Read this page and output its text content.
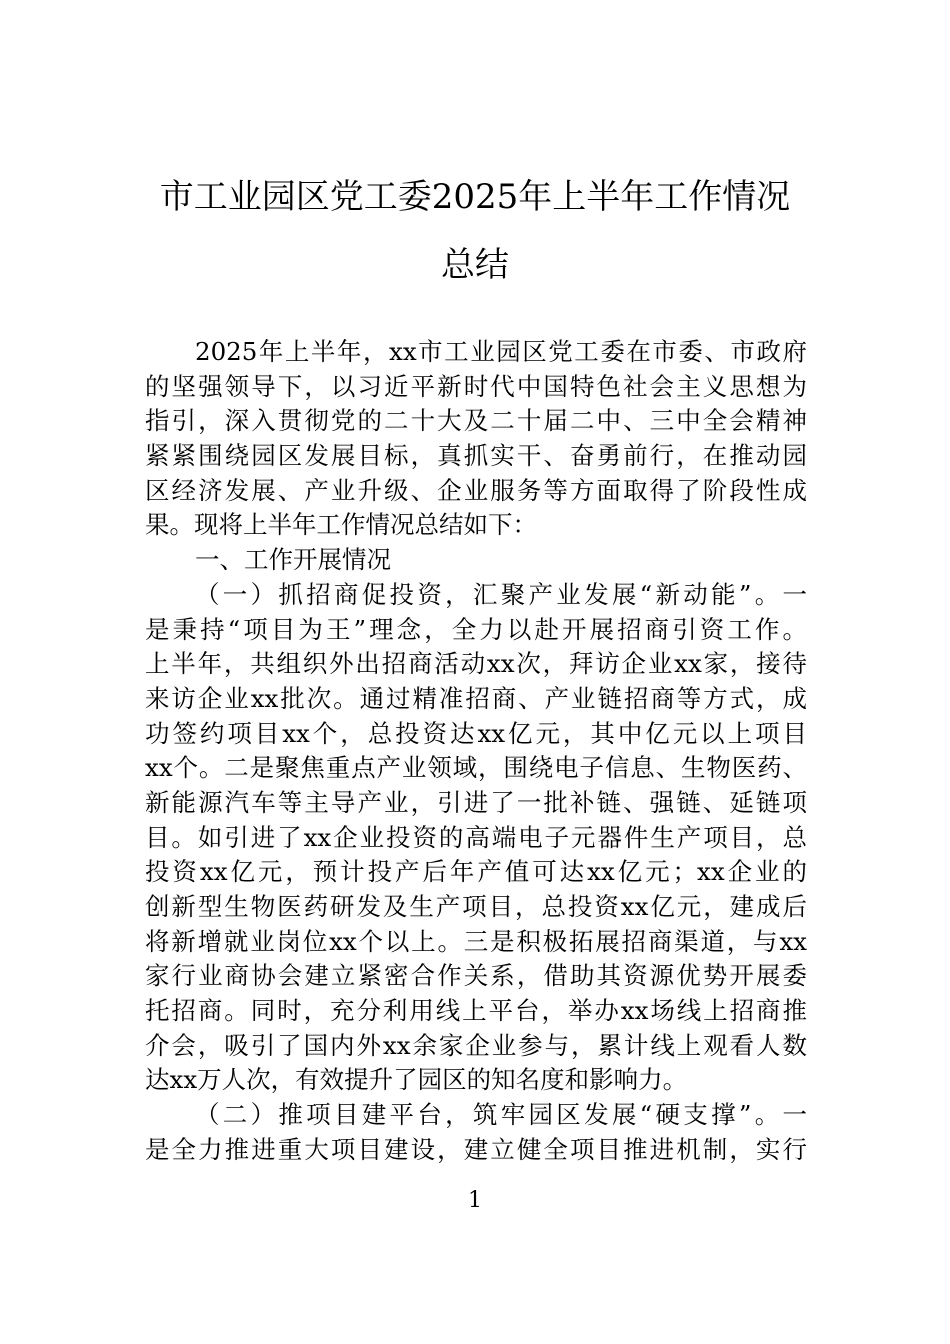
市工业园区党工委2025年上半年工作情况
总结
2025年上半年，xx市工业园区党工委在市委、市政府
的坚强领导下，以习近平新时代中国特色社会主义思想为
指引，深入贯彻党的二十大及二十届二中、三中全会精神
紧紧围绕园区发展目标，真抓实干、奋勇前行，在推动园
区经济发展、产业升级、企业服务等方面取得了阶段性成
果。现将上半年工作情况总结如下：
一、工作开展情况
（一）抓招商促投资，汇聚产业发展“新动能”。一
是秉持“项目为王”理念，全力以赴开展招商引资工作。
上半年，共组织外出招商活动xx次，拜访企业xx家，接待
来访企业xx批次。通过精准招商、产业链招商等方式，成
功签约项目xx个，总投资达xx亿元，其中亿元以上项目
xx个。二是聚焦重点产业领域，围绕电子信息、生物医药、
新能源汽车等主导产业，引进了一批补链、强链、延链项
目。如引进了xx企业投资的高端电子元器件生产项目，总
投资xx亿元，预计投产后年产值可达xx亿元；xx企业的
创新型生物医药研发及生产项目，总投资xx亿元，建成后
将新增就业岗位xx个以上。三是积极拓展招商渠道，与xx
家行业商协会建立紧密合作关系，借助其资源优势开展委
托招商。同时，充分利用线上平台，举办xx场线上招商推
介会，吸引了国内外xx余家企业参与，累计线上观看人数
达xx万人次，有效提升了园区的知名度和影响力。
（二）推项目建平台，筑牢园区发展“硬支撑”。一
是全力推进重大项目建设，建立健全项目推进机制，实行
1
